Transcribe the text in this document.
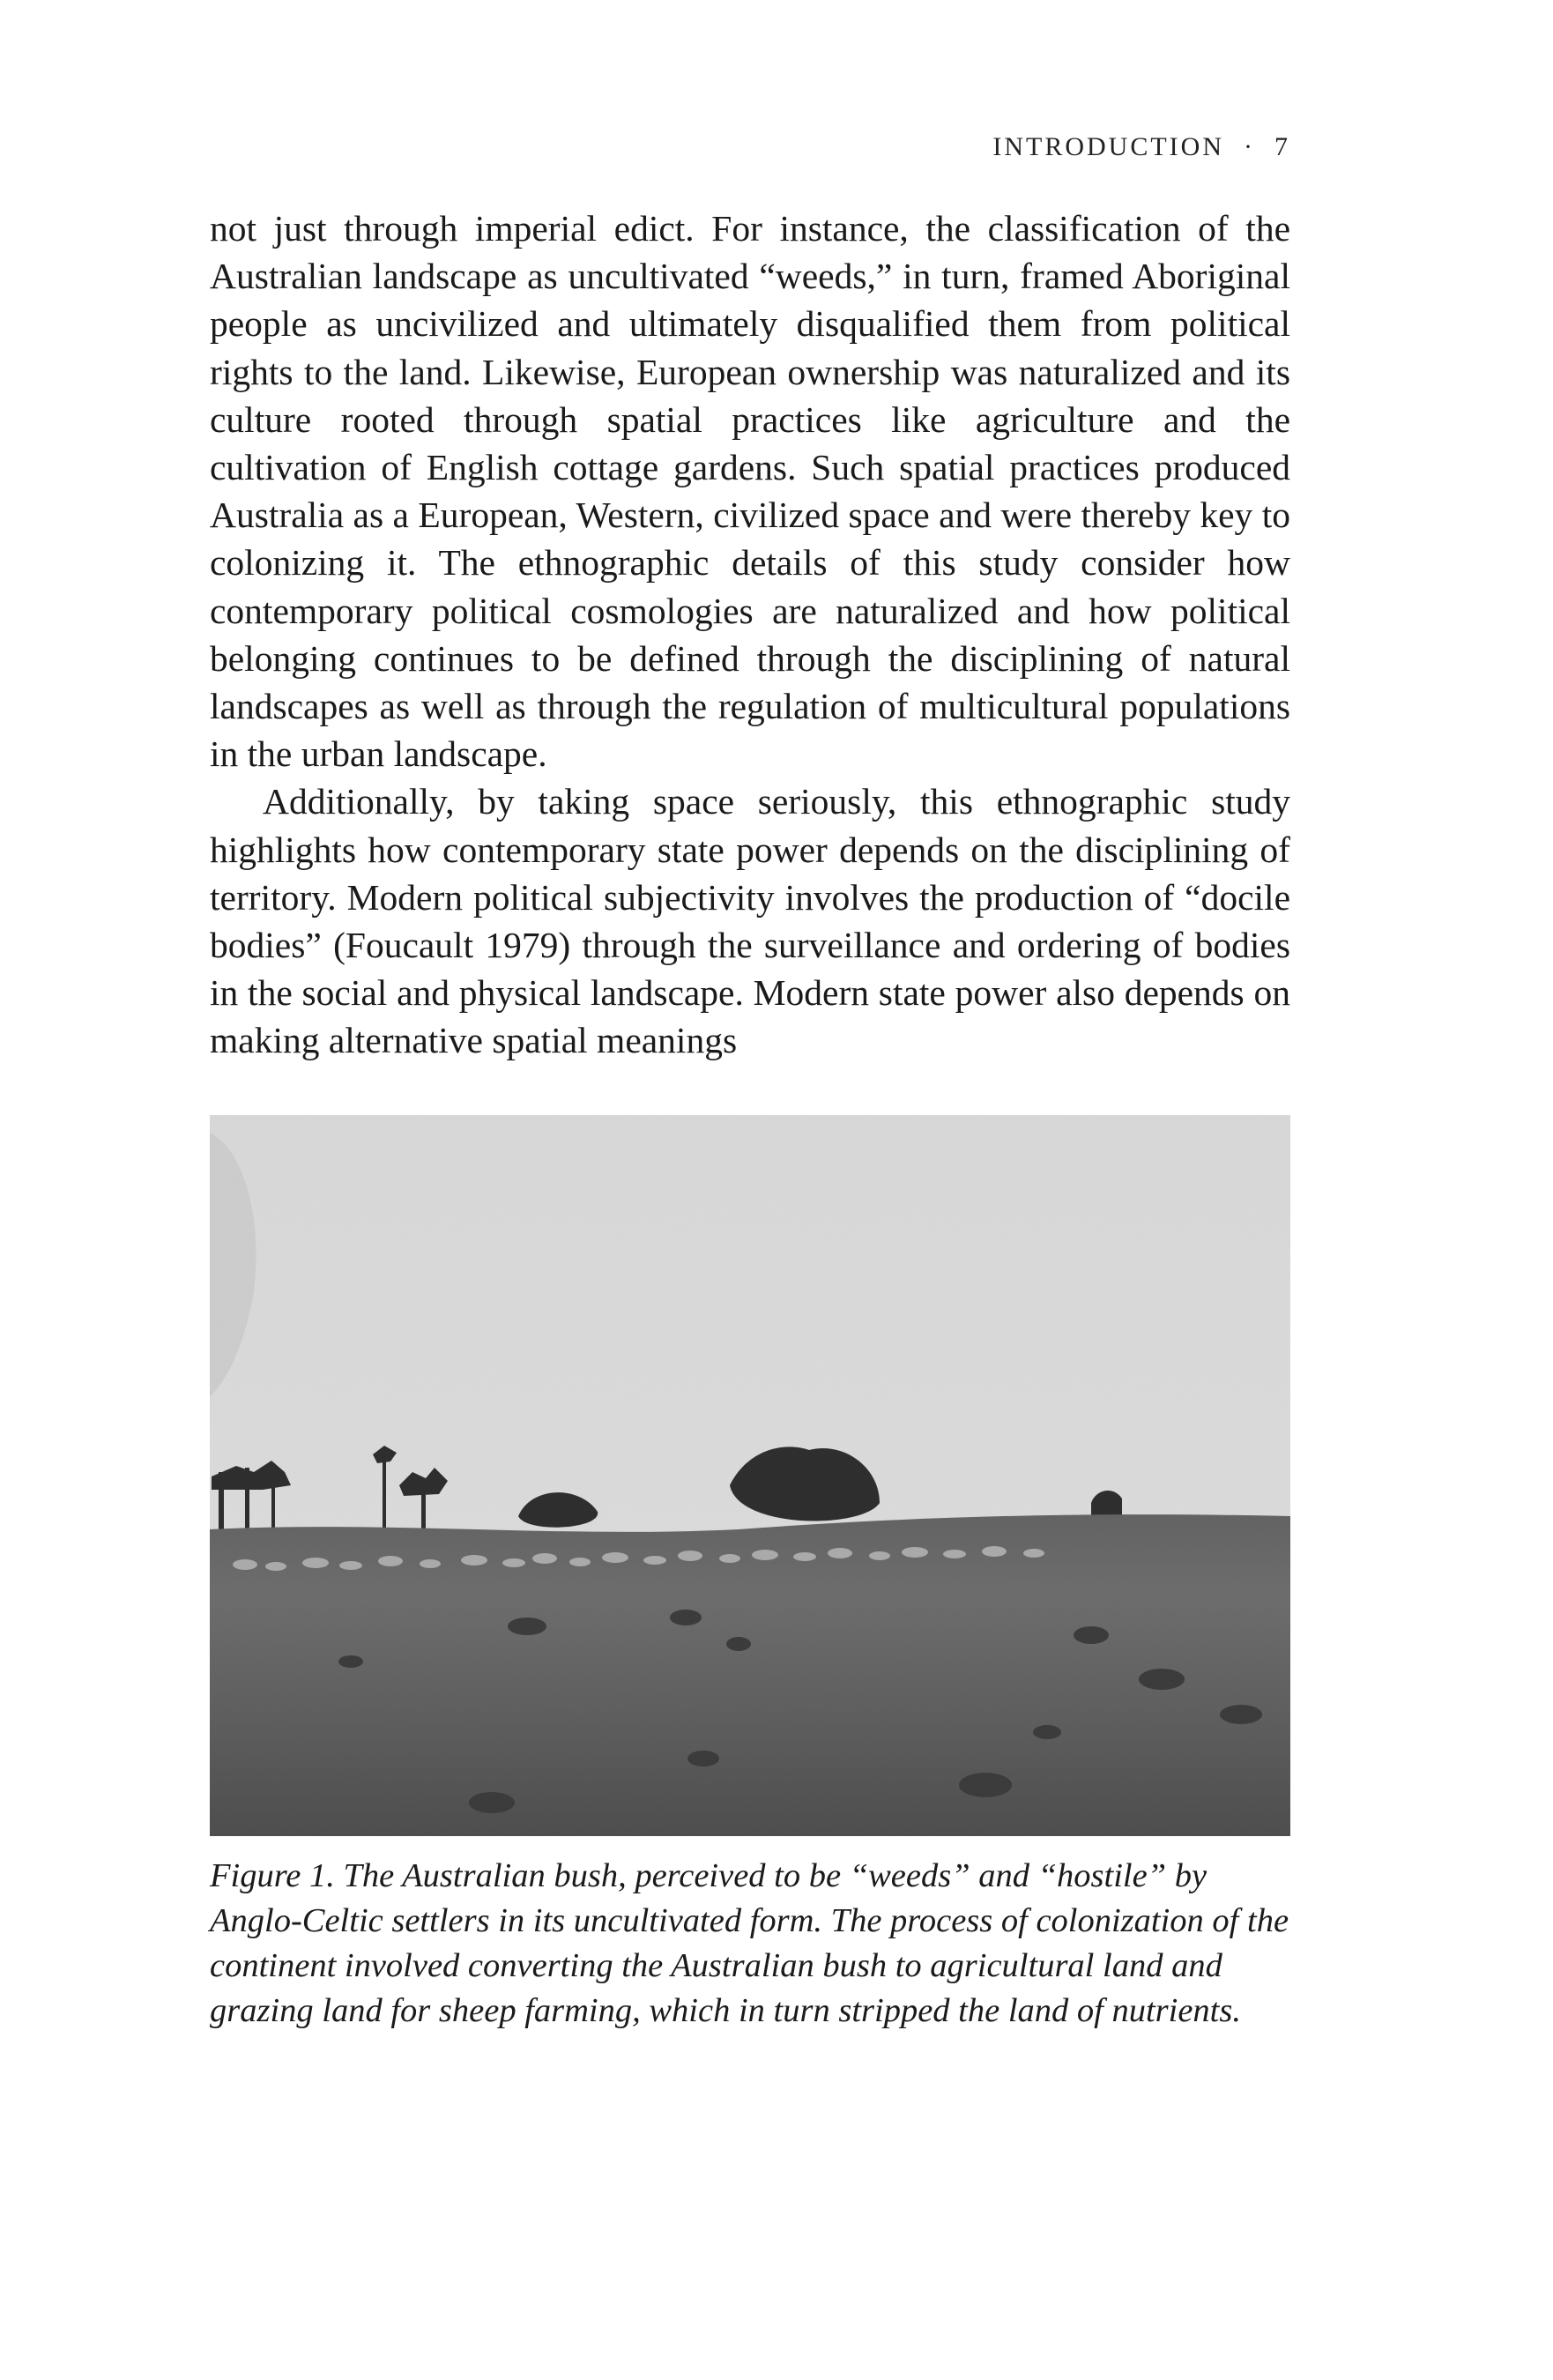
INTRODUCTION · 7

not just through imperial edict. For instance, the classification of the Australian landscape as uncultivated “weeds,” in turn, framed Aboriginal people as uncivilized and ultimately disqualified them from political rights to the land. Likewise, European ownership was naturalized and its culture rooted through spatial practices like agriculture and the cultivation of English cottage gardens. Such spatial practices produced Australia as a European, Western, civilized space and were thereby key to colonizing it. The ethnographic details of this study consider how contemporary political cosmologies are naturalized and how political belonging continues to be defined through the disciplining of natural landscapes as well as through the regulation of multicultural populations in the urban landscape.

Additionally, by taking space seriously, this ethnographic study highlights how contemporary state power depends on the disciplining of territory. Modern political subjectivity involves the production of “docile bodies” (Foucault 1979) through the surveillance and ordering of bodies in the social and physical landscape. Modern state power also depends on making alternative spatial meanings

Figure 1. The Australian bush, perceived to be “weeds” and “hostile” by Anglo-Celtic settlers in its uncultivated form. The process of colonization of the continent involved converting the Australian bush to agricultural land and grazing land for sheep farming, which in turn stripped the land of nutrients.
